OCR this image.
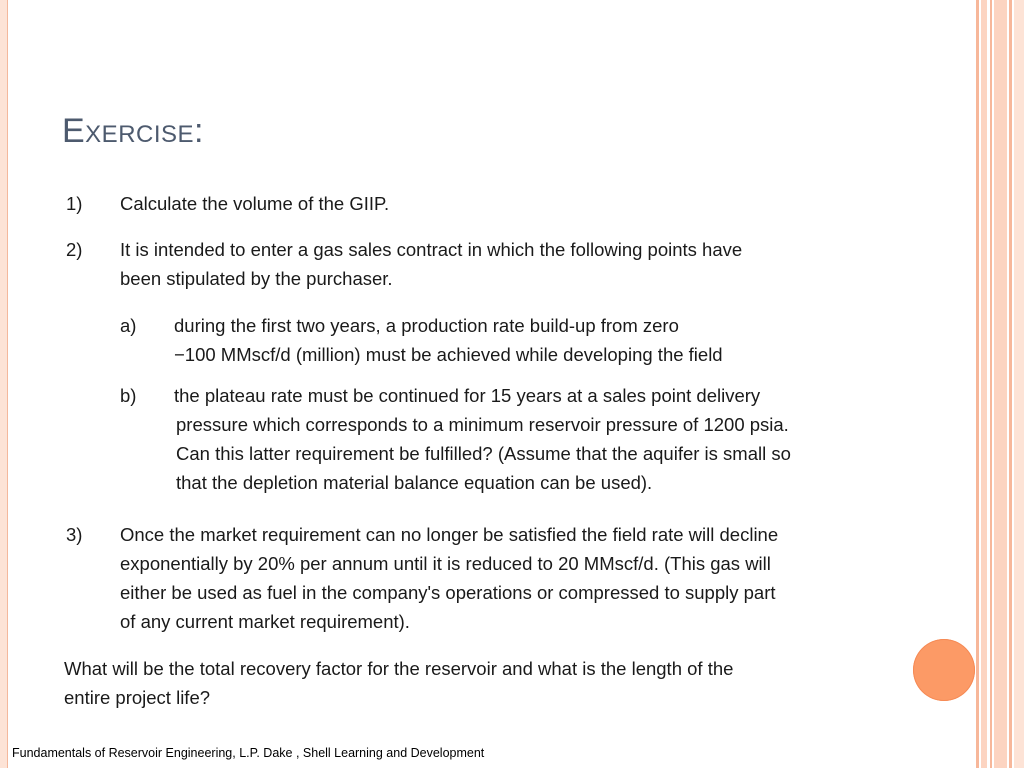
Exercise:
1) Calculate the volume of the GIIP.
2) It is intended to enter a gas sales contract in which the following points have
been stipulated by the purchaser.
a) during the first two years, a production rate build-up from zero
−100 MMscf/d (million) must be achieved while developing the field
b) the plateau rate must be continued for 15 years at a sales point delivery
pressure which corresponds to a minimum reservoir pressure of 1200 psia.
Can this latter requirement be fulfilled? (Assume that the aquifer is small so
that the depletion material balance equation can be used).
3) Once the market requirement can no longer be satisfied the field rate will decline
exponentially by 20% per annum until it is reduced to 20 MMscf/d. (This gas will
either be used as fuel in the company's operations or compressed to supply part
of any current market requirement).
What will be the total recovery factor for the reservoir and what is the length of the
entire project life?
Fundamentals of Reservoir Engineering, L.P. Dake , Shell Learning and Development
